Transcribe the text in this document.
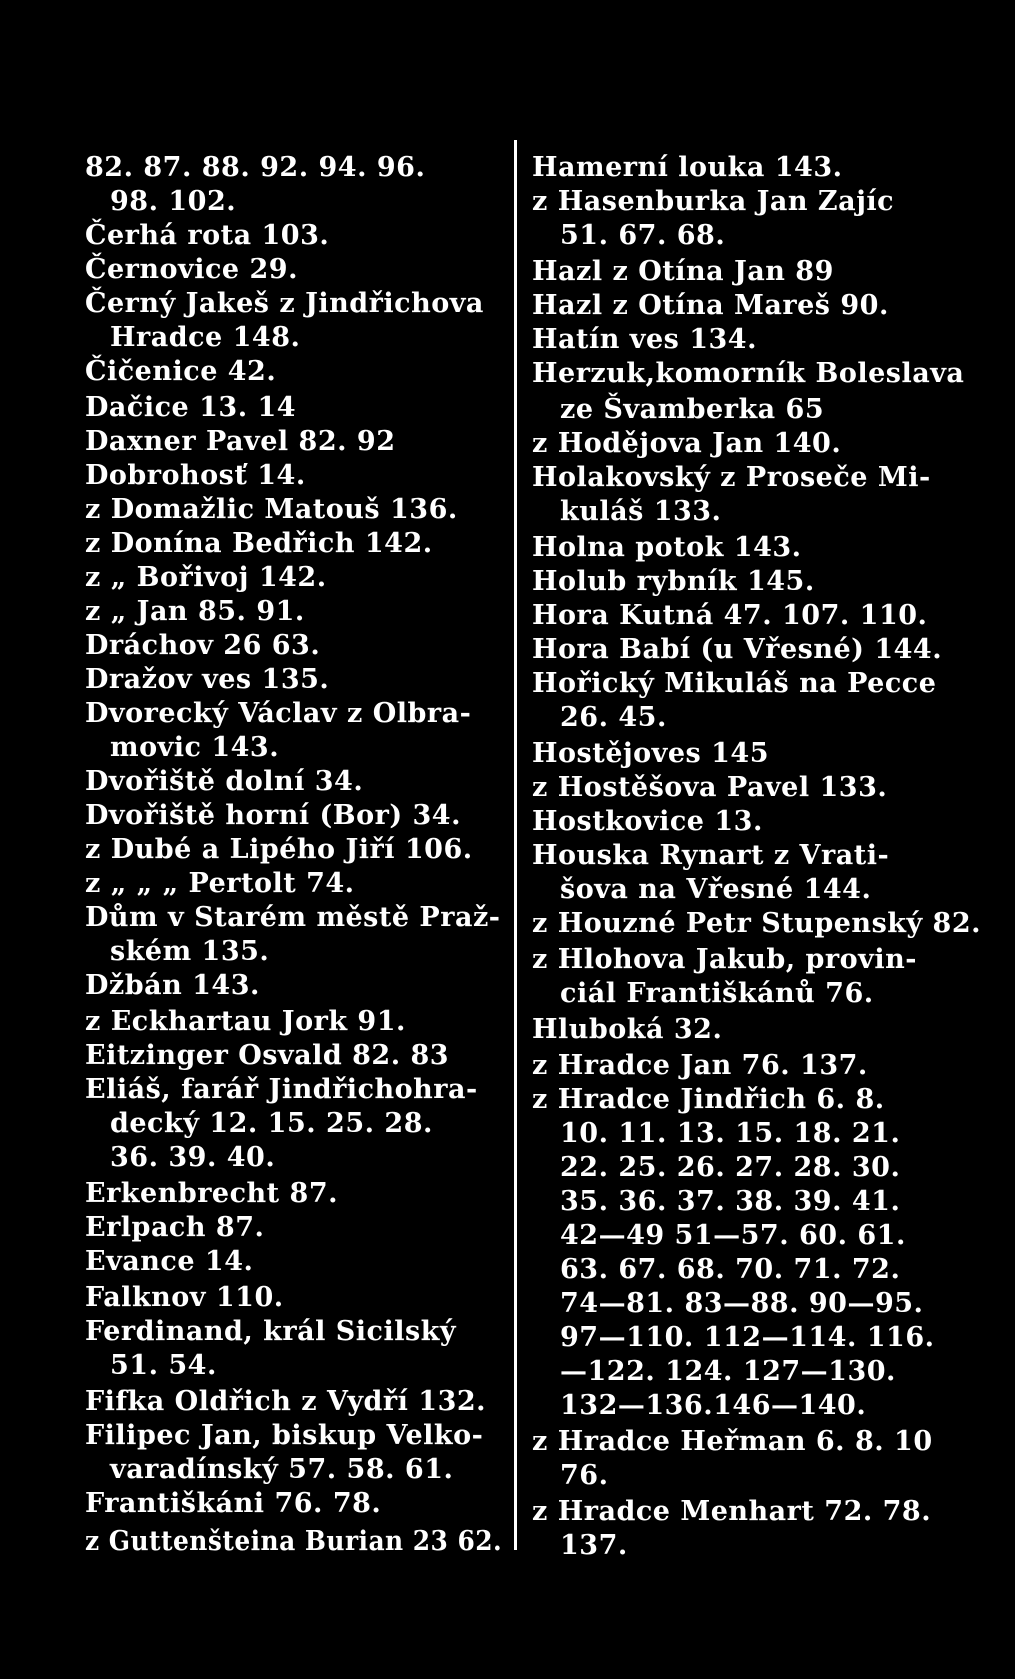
82. 87. 88. 92. 94. 96.
98. 102.
Čerhá rota 103.
Černovice 29.
Černý Jakeš z Jindřichova
Hradce 148.
Čičenice 42.
Dačice 13. 14
Daxner Pavel 82. 92
Dobrohosť 14.
z Domažlic Matouš 136.
z Donína Bedřich 142.
z „ Bořivoj 142.
z „ Jan 85. 91.
Dráchov 26 63.
Dražov ves 135.
Dvorecký Václav z Olbra-
movic 143.
Dvořiště dolní 34.
Dvořiště horní (Bor) 34.
z Dubé a Lipého Jiří 106.
z „ „ „ Pertolt 74.
Dům v Starém městě Praž-
ském 135.
Džbán 143.
z Eckhartau Jork 91.
Eitzinger Osvald 82. 83
Eliáš, farář Jindřichohra-
decký 12. 15. 25. 28.
36. 39. 40.
Erkenbrecht 87.
Erlpach 87.
Evance 14.
Falknov 110.
Ferdinand, král Sicilský
51. 54.
Fifka Oldřich z Vydří 132.
Filipec Jan, biskup Velko-
varadínský 57. 58. 61.
Františkáni 76. 78.
z Guttenšteina Burian 23 62.
Hamerní louka 143.
z Hasenburka Jan Zajíc
51. 67. 68.
Hazl z Otína Jan 89
Hazl z Otína Mareš 90.
Hatín ves 134.
Herzuk,komorník Boleslava
ze Švamberka 65
z Hodějova Jan 140.
Holakovský z Proseče Mi-
kuláš 133.
Holna potok 143.
Holub rybník 145.
Hora Kutná 47. 107. 110.
Hora Babí (u Vřesné) 144.
Hořický Mikuláš na Pecce
26. 45.
Hostějoves 145
z Hostěšova Pavel 133.
Hostkovice 13.
Houska Rynart z Vrati-
šova na Vřesné 144.
z Houzné Petr Stupenský 82.
z Hlohova Jakub, provin-
ciál Františkánů 76.
Hluboká 32.
z Hradce Jan 76. 137.
z Hradce Jindřich 6. 8.
10. 11. 13. 15. 18. 21.
22. 25. 26. 27. 28. 30.
35. 36. 37. 38. 39. 41.
42—49 51—57. 60. 61.
63. 67. 68. 70. 71. 72.
74—81. 83—88. 90—95.
97—110. 112—114. 116.
—122. 124. 127—130.
132—136.146—140.
z Hradce Heřman 6. 8. 10
76.
z Hradce Menhart 72. 78.
137.
